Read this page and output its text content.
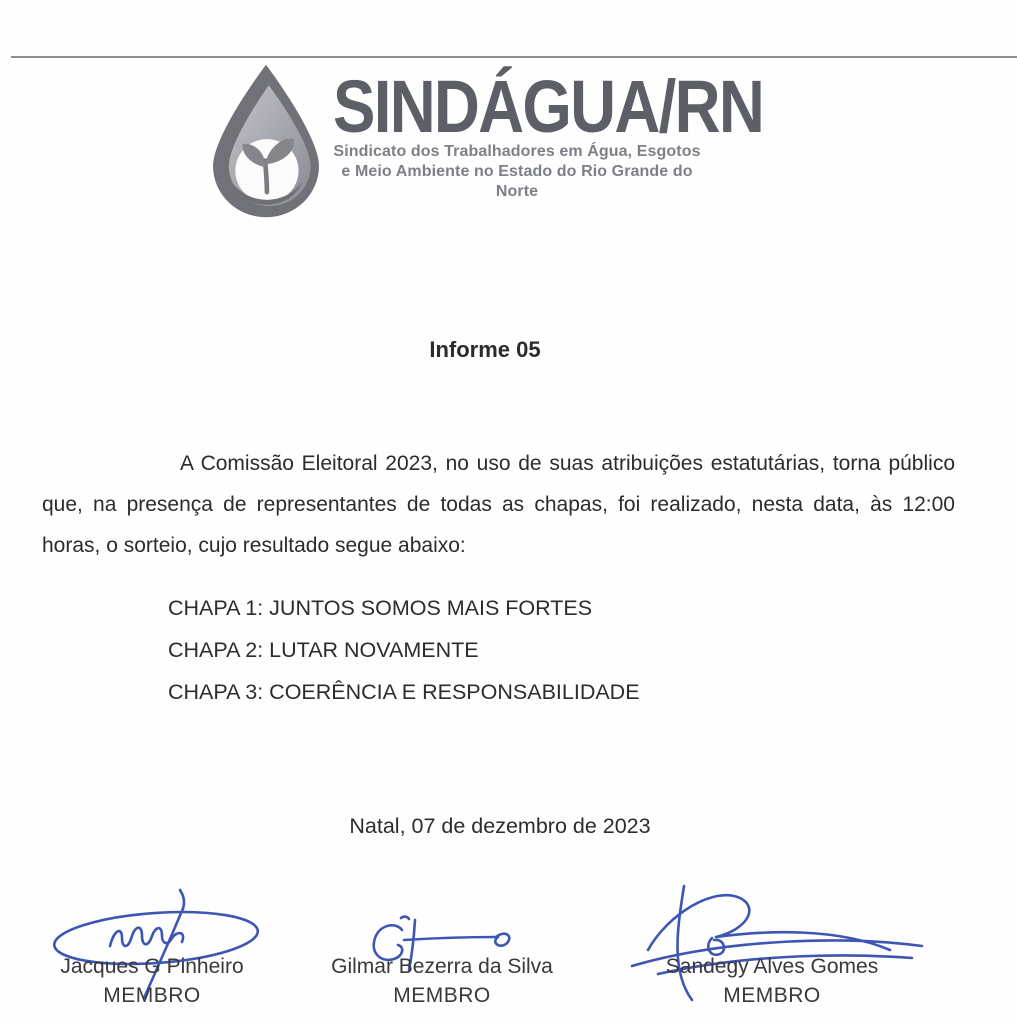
SINDÁGUA/RN
Sindicato dos Trabalhadores em Água, Esgotos
e Meio Ambiente no Estado do Rio Grande do Norte
Informe 05

A Comissão Eleitoral 2023, no uso de suas atribuições estatutárias, torna público que, na presença de representantes de todas as chapas, foi realizado, nesta data, às 12:00 horas, o sorteio, cujo resultado segue abaixo:

CHAPA 1: JUNTOS SOMOS MAIS FORTES
CHAPA 2: LUTAR NOVAMENTE
CHAPA 3: COERÊNCIA E RESPONSABILIDADE
Natal, 07 de dezembro de 2023
Jacques G Pinheiro
MEMBRO
Gilmar Bezerra da Silva
MEMBRO
Sandegy Alves Gomes
MEMBRO
